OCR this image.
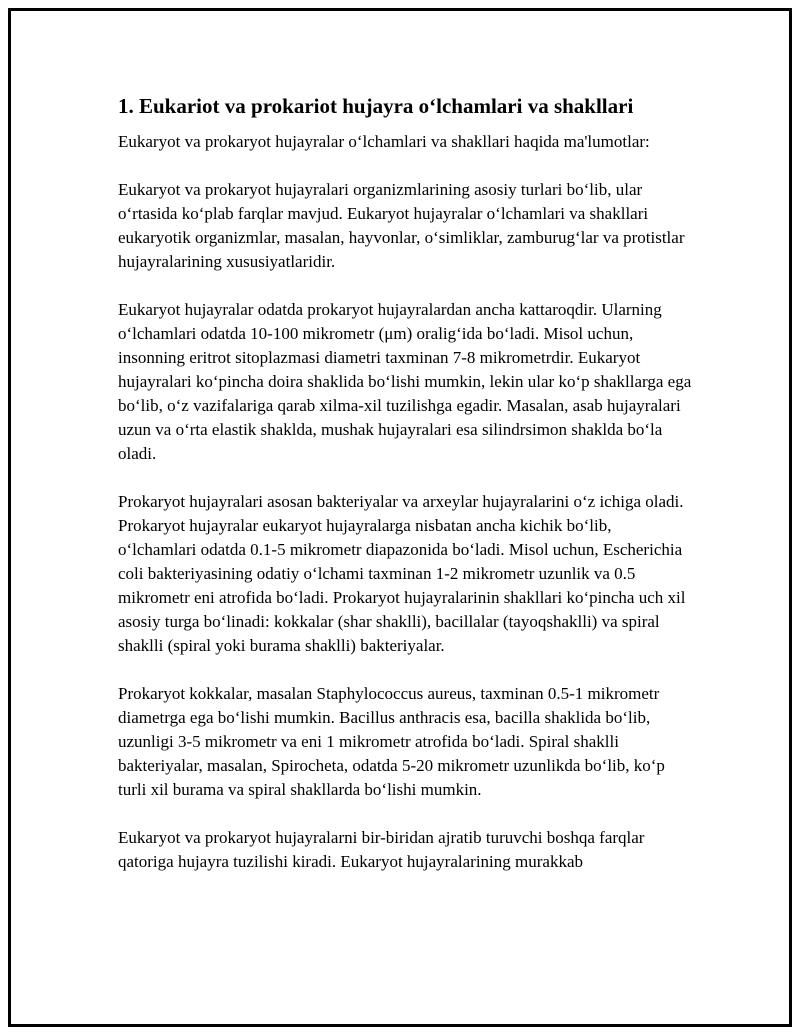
1. Eukariot va prokariot hujayra o‘lchamlari va shakllari

Eukaryot va prokaryot hujayralar o‘lchamlari va shakllari haqida ma'lumotlar:

Eukaryot va prokaryot hujayralari organizmlarining asosiy turlari bo‘lib, ular o‘rtasida ko‘plab farqlar mavjud. Eukaryot hujayralar o‘lchamlari va shakllari eukaryotik organizmlar, masalan, hayvonlar, o‘simliklar, zamburug‘lar va protistlar hujayralarining xususiyatlaridir.

Eukaryot hujayralar odatda prokaryot hujayralardan ancha kattaroqdir. Ularning o‘lchamlari odatda 10-100 mikrometr (μm) oralig‘ida bo‘ladi. Misol uchun, insonning eritrot sitoplazmasi diametri taxminan 7-8 mikrometrdir. Eukaryot hujayralari ko‘pincha doira shaklida bo‘lishi mumkin, lekin ular ko‘p shakllarga ega bo‘lib, o‘z vazifalariga qarab xilma-xil tuzilishga egadir. Masalan, asab hujayralari uzun va o‘rta elastik shaklda, mushak hujayralari esa silindrsimon shaklda bo‘la oladi.

Prokaryot hujayralari asosan bakteriyalar va arxeylar hujayralarini o‘z ichiga oladi. Prokaryot hujayralar eukaryot hujayralarga nisbatan ancha kichik bo‘lib, o‘lchamlari odatda 0.1-5 mikrometr diapazonida bo‘ladi. Misol uchun, Escherichia coli bakteriyasining odatiy o‘lchami taxminan 1-2 mikrometr uzunlik va 0.5 mikrometr eni atrofida bo‘ladi. Prokaryot hujayralarinin shakllari ko‘pincha uch xil asosiy turga bo‘linadi: kokkalar (shar shaklli), bacillalar (tayoqshaklli) va spiral shaklli (spiral yoki burama shaklli) bakteriyalar.

Prokaryot kokkalar, masalan Staphylococcus aureus, taxminan 0.5-1 mikrometr diametrga ega bo‘lishi mumkin. Bacillus anthracis esa, bacilla shaklida bo‘lib, uzunligi 3-5 mikrometr va eni 1 mikrometr atrofida bo‘ladi. Spiral shaklli bakteriyalar, masalan, Spirocheta, odatda 5-20 mikrometr uzunlikda bo‘lib, ko‘p turli xil burama va spiral shakllarda bo‘lishi mumkin.

Eukaryot va prokaryot hujayralarni bir-biridan ajratib turuvchi boshqa farqlar qatoriga hujayra tuzilishi kiradi. Eukaryot hujayralarining murakkab
